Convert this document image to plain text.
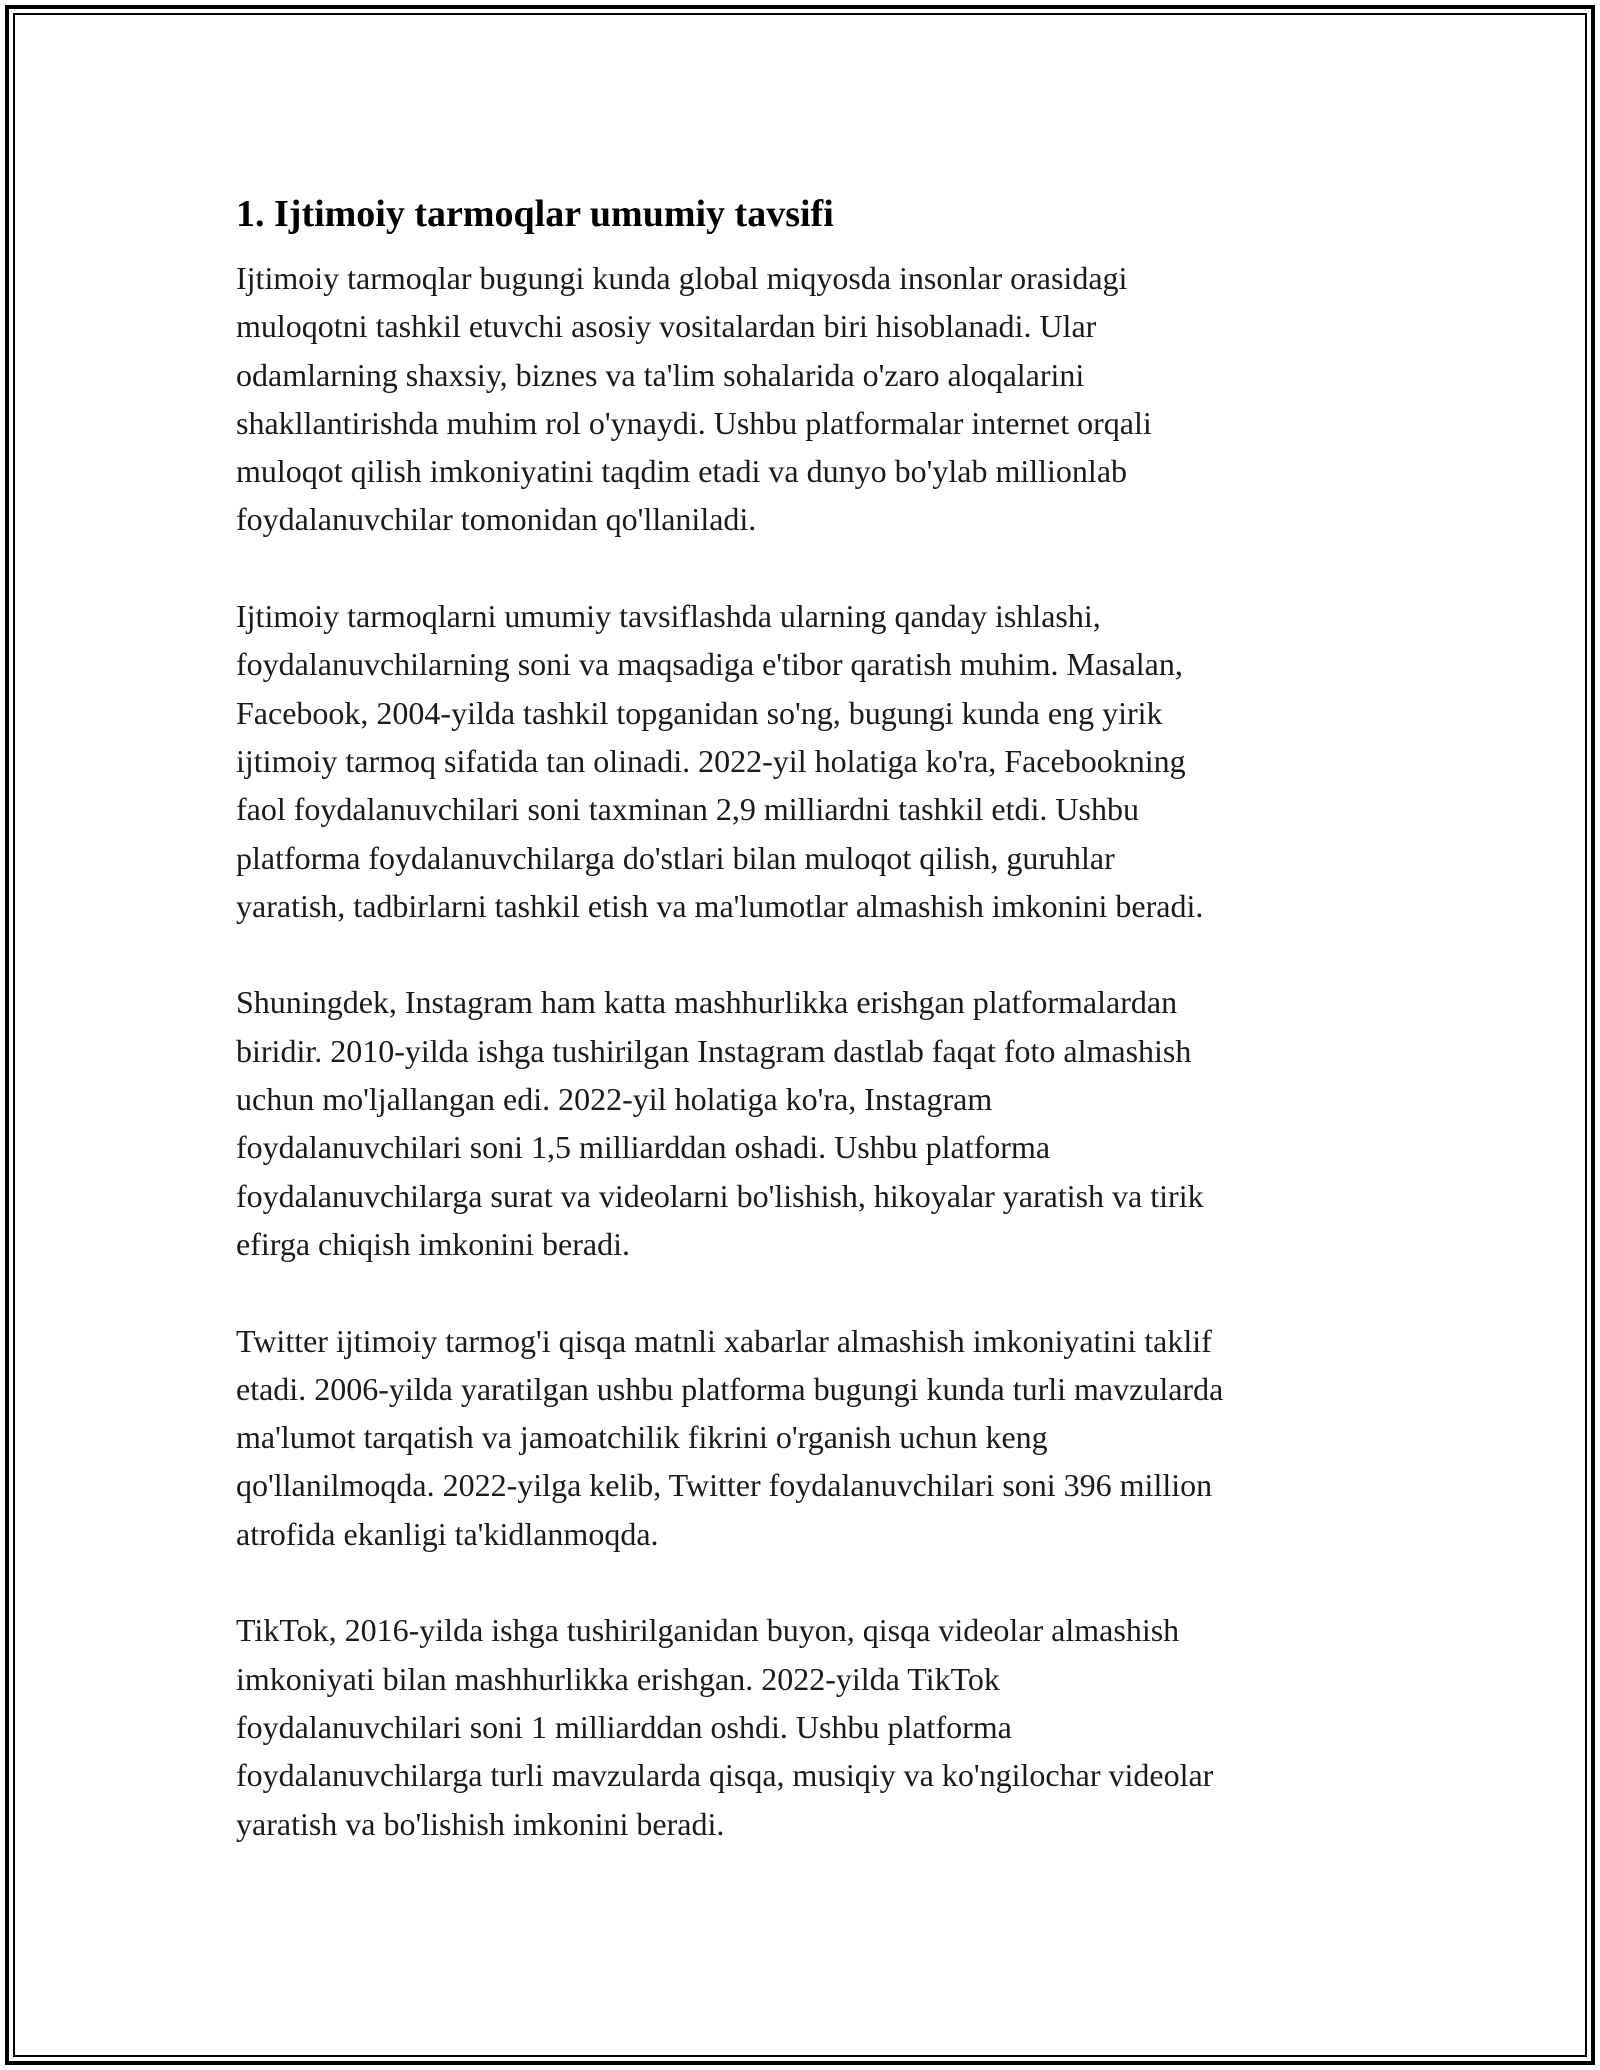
1. Ijtimoiy tarmoqlar umumiy tavsifi

Ijtimoiy tarmoqlar bugungi kunda global miqyosda insonlar orasidagi
muloqotni tashkil etuvchi asosiy vositalardan biri hisoblanadi. Ular
odamlarning shaxsiy, biznes va ta'lim sohalarida o'zaro aloqalarini
shakllantirishda muhim rol o'ynaydi. Ushbu platformalar internet orqali
muloqot qilish imkoniyatini taqdim etadi va dunyo bo'ylab millionlab
foydalanuvchilar tomonidan qo'llaniladi.

Ijtimoiy tarmoqlarni umumiy tavsiflashda ularning qanday ishlashi,
foydalanuvchilarning soni va maqsadiga e'tibor qaratish muhim. Masalan,
Facebook, 2004-yilda tashkil topganidan so'ng, bugungi kunda eng yirik
ijtimoiy tarmoq sifatida tan olinadi. 2022-yil holatiga ko'ra, Facebookning
faol foydalanuvchilari soni taxminan 2,9 milliardni tashkil etdi. Ushbu
platforma foydalanuvchilarga do'stlari bilan muloqot qilish, guruhlar
yaratish, tadbirlarni tashkil etish va ma'lumotlar almashish imkonini beradi.

Shuningdek, Instagram ham katta mashhurlikka erishgan platformalardan
biridir. 2010-yilda ishga tushirilgan Instagram dastlab faqat foto almashish
uchun mo'ljallangan edi. 2022-yil holatiga ko'ra, Instagram
foydalanuvchilari soni 1,5 milliarddan oshadi. Ushbu platforma
foydalanuvchilarga surat va videolarni bo'lishish, hikoyalar yaratish va tirik
efirga chiqish imkonini beradi.

Twitter ijtimoiy tarmog'i qisqa matnli xabarlar almashish imkoniyatini taklif
etadi. 2006-yilda yaratilgan ushbu platforma bugungi kunda turli mavzularda
ma'lumot tarqatish va jamoatchilik fikrini o'rganish uchun keng
qo'llanilmoqda. 2022-yilga kelib, Twitter foydalanuvchilari soni 396 million
atrofida ekanligi ta'kidlanmoqda.

TikTok, 2016-yilda ishga tushirilganidan buyon, qisqa videolar almashish
imkoniyati bilan mashhurlikka erishgan. 2022-yilda TikTok
foydalanuvchilari soni 1 milliarddan oshdi. Ushbu platforma
foydalanuvchilarga turli mavzularda qisqa, musiqiy va ko'ngilochar videolar
yaratish va bo'lishish imkonini beradi.
